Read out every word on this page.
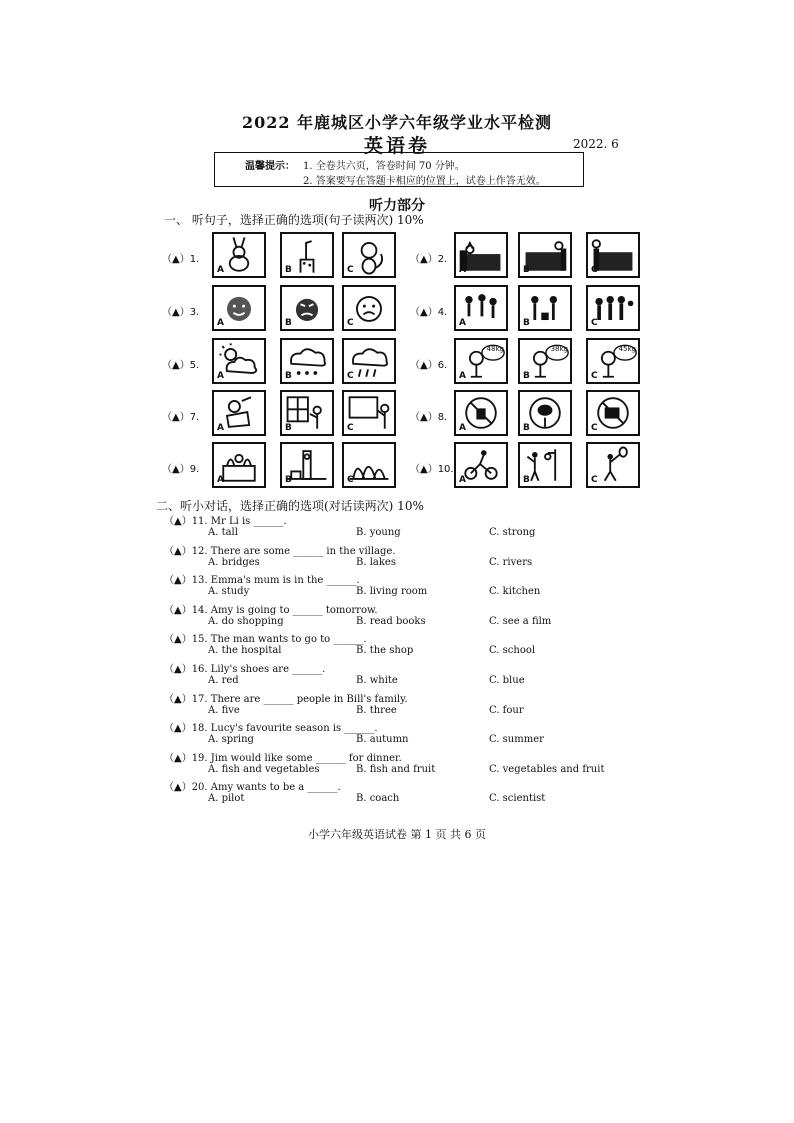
2022 年鹿城区小学六年级学业水平检测
英语卷	2022. 6
温馨提示： 1. 全卷共六页，答卷时间 70 分钟。
2. 答案要写在答题卡相应的位置上，试卷上作答无效。
听力部分
一、 听句子，选择正确的选项(句子读两次) 10%
（▲）1.
A	B	C
（▲）2.
A	B	C
（▲）3.
A	B	C
（▲）4.
A	B	C
（▲）5.
A	B	C
（▲）6.
48kg
A
38kg
B
45kg
C
（▲）7.
A	B	C
（▲）8.
A	B	C
（▲）9.
A	B	C
（▲）10.
A	B	C
二、听小对话，选择正确的选项(对话读两次) 10%
（▲）11. Mr Li is ______.
A. tall	B. young	C. strong
（▲）12. There are some ______ in the village.
A. bridges	B. lakes	C. rivers
（▲）13. Emma's mum is in the ______.
A. study	B. living room	C. kitchen
（▲）14. Amy is going to ______ tomorrow.
A. do shopping	B. read books	C. see a film
（▲）15. The man wants to go to ______.
A. the hospital	B. the shop	C. school
（▲）16. Lily's shoes are ______.
A. red	B. white	C. blue
（▲）17. There are ______ people in Bill's family.
A. five	B. three	C. four
（▲）18. Lucy's favourite season is ______.
A. spring	B. autumn	C. summer
（▲）19. Jim would like some ______ for dinner.
A. fish and vegetables	B. fish and fruit	C. vegetables and fruit
（▲）20. Amy wants to be a ______.
A. pilot	B. coach	C. scientist
小学六年级英语试卷 第 1 页 共 6 页
